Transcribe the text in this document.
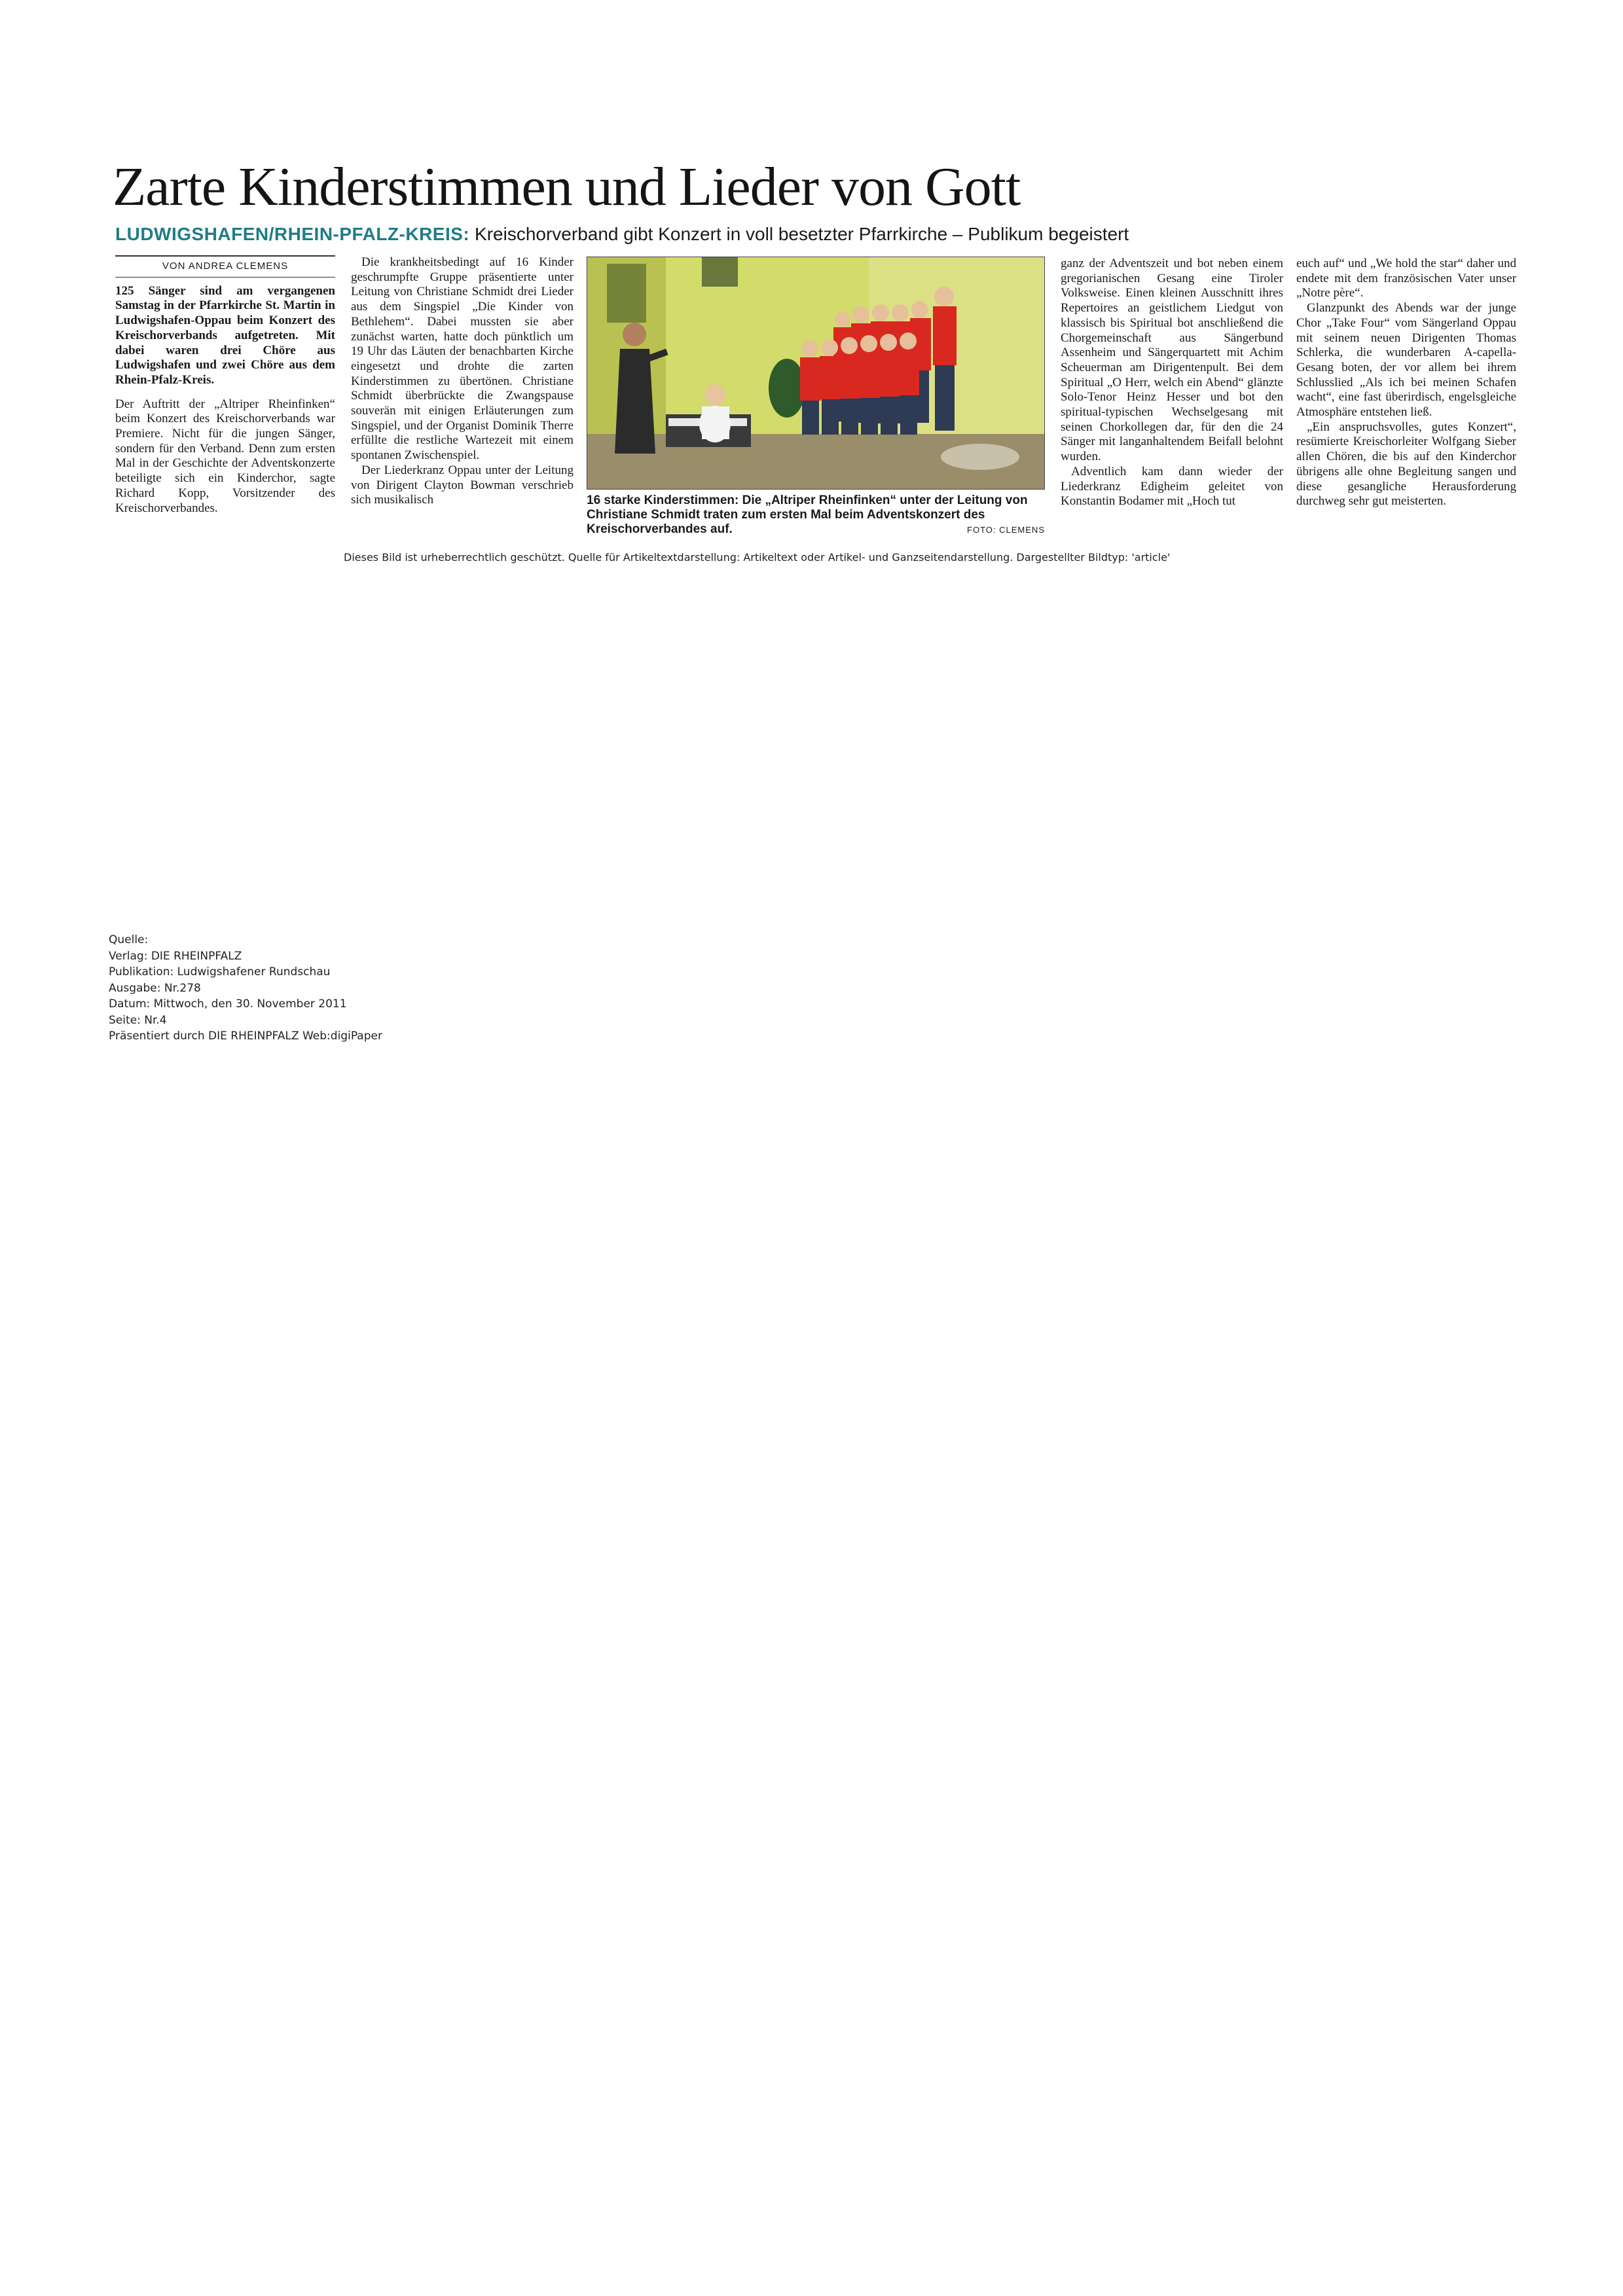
Zarte Kinderstimmen und Lieder von Gott
LUDWIGSHAFEN/RHEIN-PFALZ-KREIS: Kreischorverband gibt Konzert in voll besetzter Pfarrkirche – Publikum begeistert
VON ANDREA CLEMENS

125 Sänger sind am vergangenen Samstag in der Pfarrkirche St. Martin in Ludwigshafen-Oppau beim Konzert des Kreischorverbands aufgetreten. Mit dabei waren drei Chöre aus Ludwigshafen und zwei Chöre aus dem Rhein-Pfalz-Kreis.

Der Auftritt der „Altriper Rheinfinken“ beim Konzert des Kreischorverbands war Premiere. Nicht für die jungen Sänger, sondern für den Verband. Denn zum ersten Mal in der Geschichte der Adventskonzerte beteiligte sich ein Kinderchor, sagte Richard Kopp, Vorsitzender des Kreischorverbandes.

Die krankheitsbedingt auf 16 Kinder geschrumpfte Gruppe präsentierte unter Leitung von Christiane Schmidt drei Lieder aus dem Singspiel „Die Kinder von Bethlehem“. Dabei mussten sie aber zunächst warten, hatte doch pünktlich um 19 Uhr das Läuten der benachbarten Kirche eingesetzt und drohte die zarten Kinderstimmen zu übertönen. Christiane Schmidt überbrückte die Zwangspause souverän mit einigen Erläuterungen zum Singspiel, und der Organist Dominik Therre erfüllte die restliche Wartezeit mit einem spontanen Zwischenspiel.

Der Liederkranz Oppau unter der Leitung von Dirigent Clayton Bowman verschrieb sich musikalisch	16 starke Kinderstimmen: Die „Altriper Rheinfinken“ unter der Leitung von Christiane Schmidt traten zum ersten Mal beim Adventskonzert des Kreischorverbandes auf.	FOTO: CLEMENS

ganz der Adventszeit und bot neben einem gregorianischen Gesang eine Tiroler Volksweise. Einen kleinen Ausschnitt ihres Repertoires an geistlichem Liedgut von klassisch bis Spiritual bot anschließend die Chorgemeinschaft aus Sängerbund Assenheim und Sängerquartett mit Achim Scheuerman am Dirigentenpult. Bei dem Spiritual „O Herr, welch ein Abend“ glänzte Solo-Tenor Heinz Hesser und bot den spiritual-typischen Wechselgesang mit seinen Chorkollegen dar, für den die 24 Sänger mit langanhaltendem Beifall belohnt wurden.

Adventlich kam dann wieder der Liederkranz Edigheim geleitet von Konstantin Bodamer mit „Hoch tut

euch auf“ und „We hold the star“ daher und endete mit dem französischen Vater unser „Notre père“.

Glanzpunkt des Abends war der junge Chor „Take Four“ vom Sängerland Oppau mit seinem neuen Dirigenten Thomas Schlerka, die wunderbaren A-capella-Gesang boten, der vor allem bei ihrem Schlusslied „Als ich bei meinen Schafen wacht“, eine fast überirdisch, engelsgleiche Atmosphäre entstehen ließ.

„Ein anspruchsvolles, gutes Konzert“, resümierte Kreischorleiter Wolfgang Sieber allen Chören, die bis auf den Kinderchor übrigens alle ohne Begleitung sangen und diese gesangliche Herausforderung durchweg sehr gut meisterten.

Dieses Bild ist urheberrechtlich geschützt. Quelle für Artikeltextdarstellung: Artikeltext oder Artikel- und Ganzseitendarstellung. Dargestellter Bildtyp: 'article'
Quelle:
Verlag: DIE RHEINPFALZ
Publikation: Ludwigshafener Rundschau
Ausgabe: Nr.278
Datum: Mittwoch, den 30. November 2011
Seite: Nr.4
Präsentiert durch DIE RHEINPFALZ Web:digiPaper
